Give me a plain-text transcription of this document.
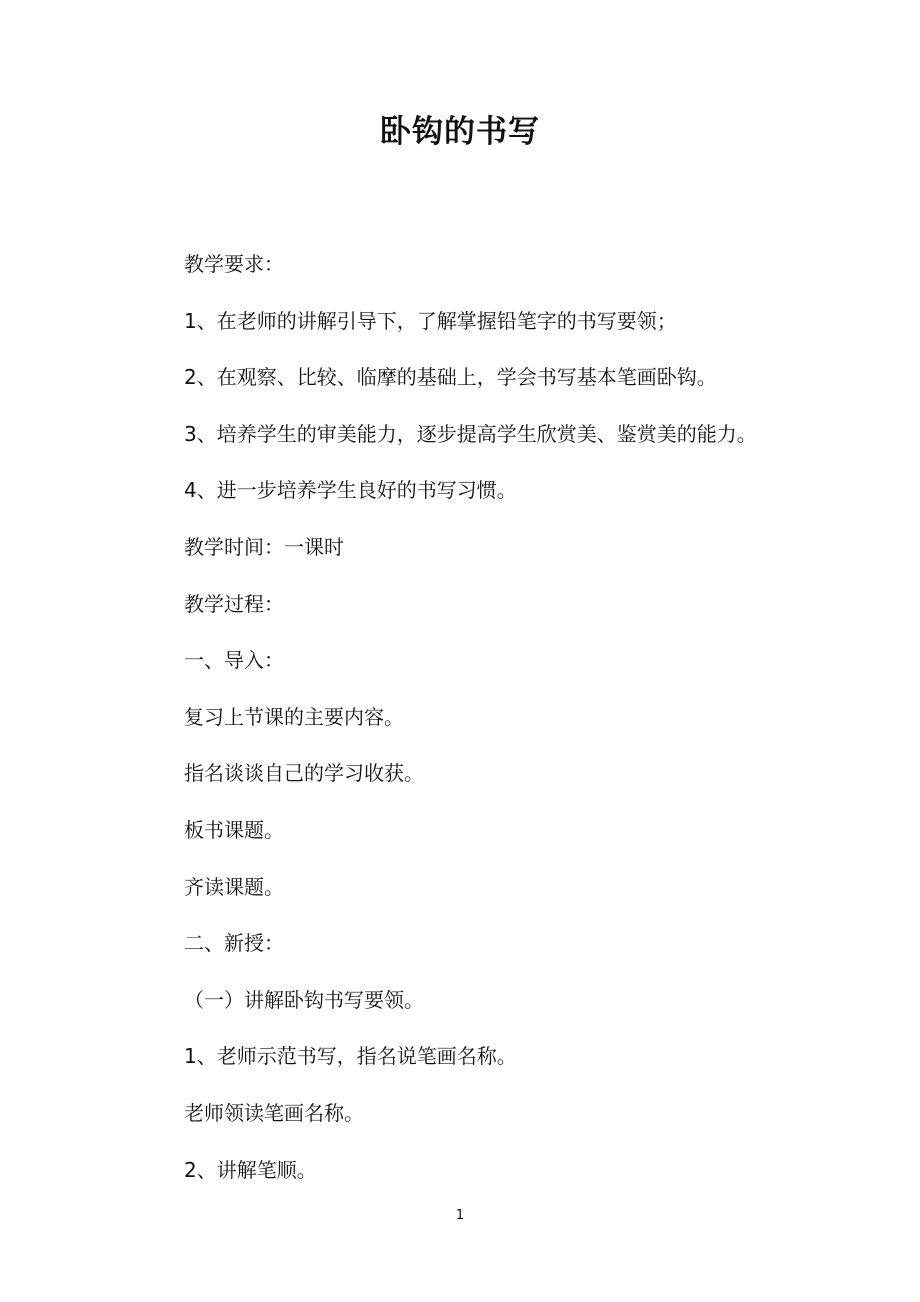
卧钩的书写
教学要求：
1、在老师的讲解引导下，了解掌握铅笔字的书写要领；
2、在观察、比较、临摩的基础上，学会书写基本笔画卧钩。
3、培养学生的审美能力，逐步提高学生欣赏美、鉴赏美的能力。
4、进一步培养学生良好的书写习惯。
教学时间：一课时
教学过程：
一、导入：
复习上节课的主要内容。
指名谈谈自己的学习收获。
板书课题。
齐读课题。
二、新授：
（一）讲解卧钩书写要领。
1、老师示范书写，指名说笔画名称。
老师领读笔画名称。
2、讲解笔顺。
1
